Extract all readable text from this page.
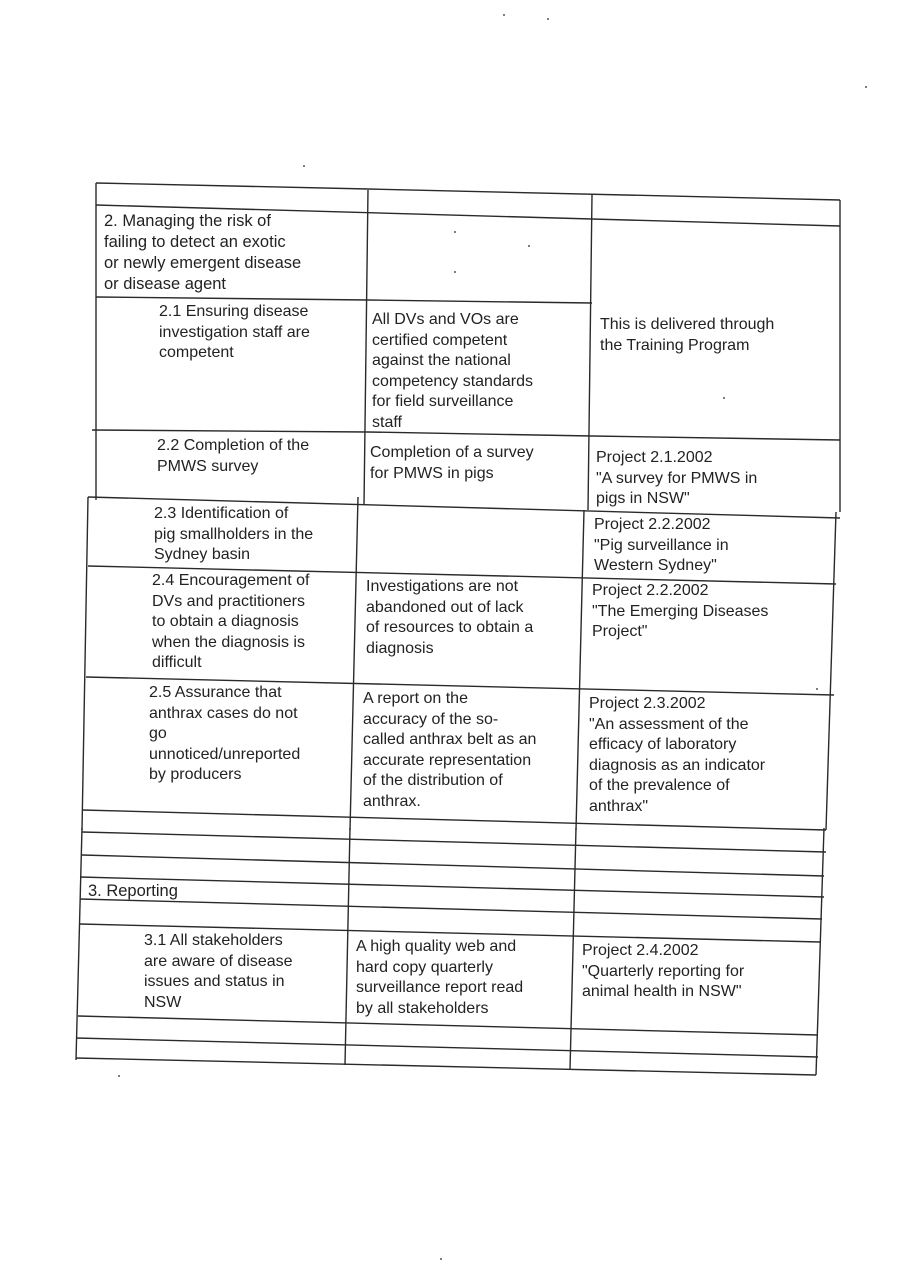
2. Managing the risk of
failing to detect an exotic
or newly emergent disease
or disease agent
2.1 Ensuring disease
investigation staff are
competent
All DVs and VOs are
certified competent
against the national
competency standards
for field surveillance
staff
This is delivered through
the Training Program
2.2 Completion of the
PMWS survey
Completion of a survey
for PMWS in pigs
Project 2.1.2002
"A survey for PMWS in
pigs in NSW"
2.3 Identification of
pig smallholders in the
Sydney basin
Project 2.2.2002
"Pig surveillance in
Western Sydney"
2.4 Encouragement of
DVs and practitioners
to obtain a diagnosis
when the diagnosis is
difficult
Investigations are not
abandoned out of lack
of resources to obtain a
diagnosis
Project 2.2.2002
"The Emerging Diseases
Project"
2.5 Assurance that
anthrax cases do not
go
unnoticed/unreported
by producers
A report on the
accuracy of the so-
called anthrax belt as an
accurate representation
of the distribution of
anthrax.
Project 2.3.2002
"An assessment of the
efficacy of laboratory
diagnosis as an indicator
of the prevalence of
anthrax"
3. Reporting
3.1 All stakeholders
are aware of disease
issues and status in
NSW
A high quality web and
hard copy quarterly
surveillance report read
by all stakeholders
Project 2.4.2002
"Quarterly reporting for
animal health in NSW"
